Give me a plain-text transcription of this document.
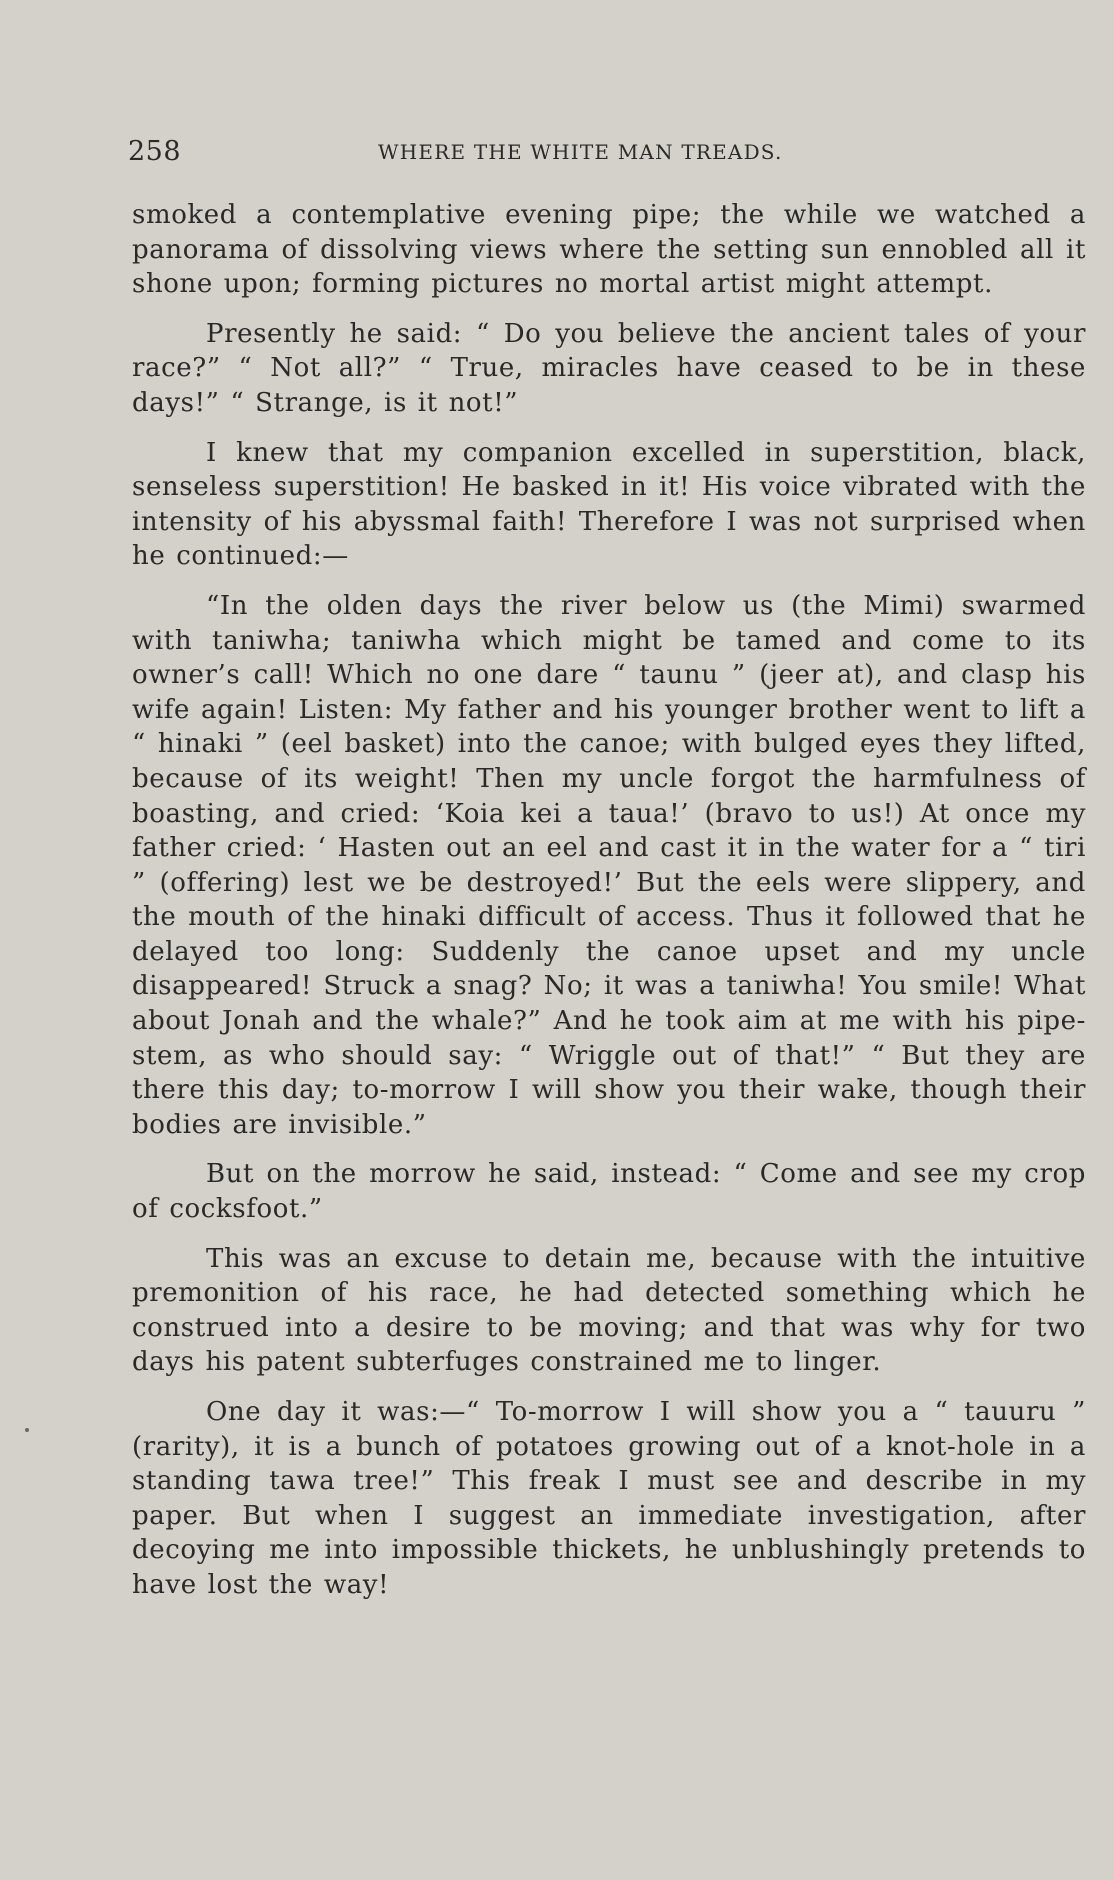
258	WHERE THE WHITE MAN TREADS.

smoked a contemplative evening pipe; the while we watched a panorama of dissolving views where the setting sun ennobled all it shone upon; forming pictures no mortal artist might attempt.

Presently he said: “ Do you believe the ancient tales of your race?” “ Not all?” “ True, miracles have ceased to be in these days!” “ Strange, is it not!”

I knew that my companion excelled in superstition, black, senseless superstition! He basked in it! His voice vibrated with the intensity of his abyssmal faith! Therefore I was not surprised when he continued:—

“In the olden days the river below us (the Mimi) swarmed with taniwha; taniwha which might be tamed and come to its owner’s call! Which no one dare “ taunu ” (jeer at), and clasp his wife again! Listen: My father and his younger brother went to lift a “ hinaki ” (eel basket) into the canoe; with bulged eyes they lifted, because of its weight! Then my uncle forgot the harmfulness of boasting, and cried: ‘Koia kei a taua!’ (bravo to us!) At once my father cried: ‘ Hasten out an eel and cast it in the water for a “ tiri ” (offering) lest we be destroyed!’ But the eels were slippery, and the mouth of the hinaki difficult of access. Thus it followed that he delayed too long: Suddenly the canoe upset and my uncle disappeared! Struck a snag? No; it was a taniwha! You smile! What about Jonah and the whale?” And he took aim at me with his pipe-stem, as who should say: “ Wriggle out of that!” “ But they are there this day; to-morrow I will show you their wake, though their bodies are invisible.”

But on the morrow he said, instead: “ Come and see my crop of cocksfoot.”

This was an excuse to detain me, because with the intuitive premonition of his race, he had detected something which he construed into a desire to be moving; and that was why for two days his patent subterfuges constrained me to linger.

One day it was:—“ To-morrow I will show you a “ tauuru ” (rarity), it is a bunch of potatoes growing out of a knot-hole in a standing tawa tree!” This freak I must see and describe in my paper. But when I suggest an immediate investigation, after decoying me into impossible thickets, he unblushingly pretends to have lost the way!
